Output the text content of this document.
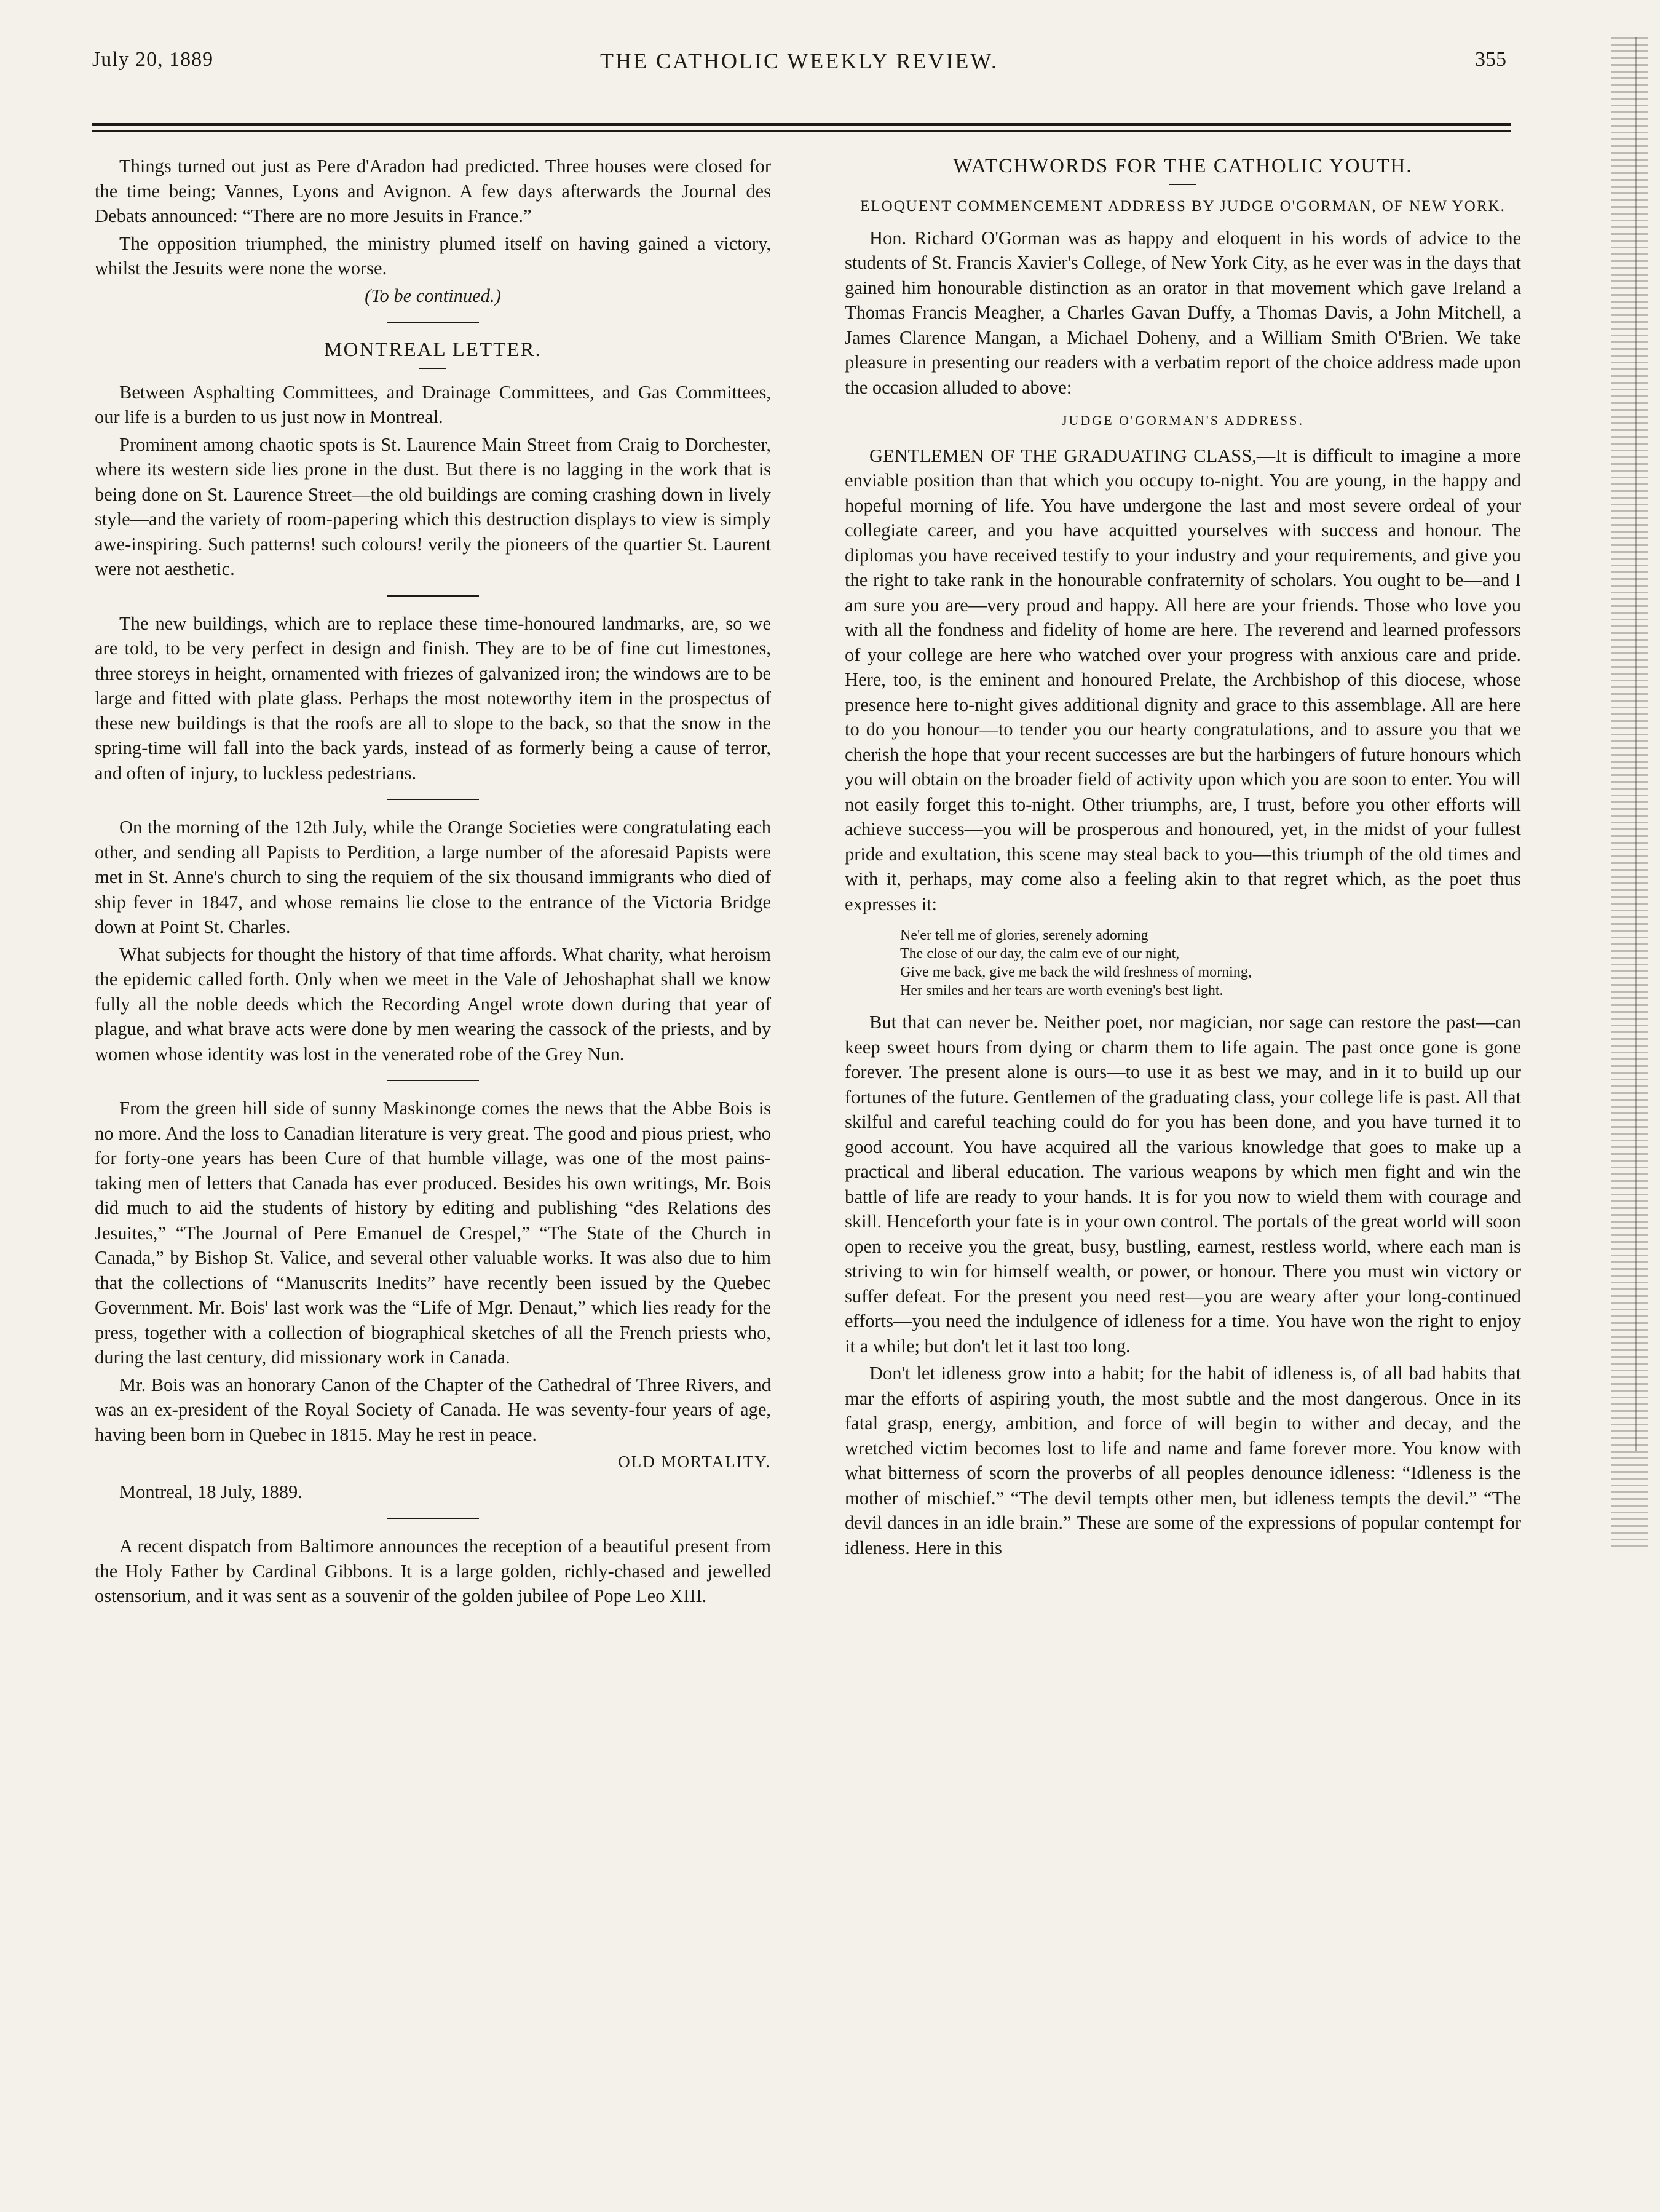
July 20, 1889	THE CATHOLIC WEEKLY REVIEW.	355

Things turned out just as Pere d'Aradon had predicted. Three houses were closed for the time being; Vannes, Lyons and Avignon. A few days afterwards the Journal des Debats announced: “There are no more Jesuits in France.”

The opposition triumphed, the ministry plumed itself on having gained a victory, whilst the Jesuits were none the worse.

(To be continued.)

MONTREAL LETTER.

Between Asphalting Committees, and Drainage Committees, and Gas Committees, our life is a burden to us just now in Montreal.

Prominent among chaotic spots is St. Laurence Main Street from Craig to Dorchester, where its western side lies prone in the dust. But there is no lagging in the work that is being done on St. Laurence Street—the old buildings are coming crashing down in lively style—and the variety of room-papering which this destruction displays to view is simply awe-inspiring. Such patterns! such colours! verily the pioneers of the quartier St. Laurent were not aesthetic.

The new buildings, which are to replace these time-honoured landmarks, are, so we are told, to be very perfect in design and finish. They are to be of fine cut limestones, three storeys in height, ornamented with friezes of galvanized iron; the windows are to be large and fitted with plate glass. Perhaps the most noteworthy item in the prospectus of these new buildings is that the roofs are all to slope to the back, so that the snow in the spring-time will fall into the back yards, instead of as formerly being a cause of terror, and often of injury, to luckless pedestrians.

On the morning of the 12th July, while the Orange Societies were congratulating each other, and sending all Papists to Perdition, a large number of the aforesaid Papists were met in St. Anne's church to sing the requiem of the six thousand immigrants who died of ship fever in 1847, and whose remains lie close to the entrance of the Victoria Bridge down at Point St. Charles.

What subjects for thought the history of that time affords. What charity, what heroism the epidemic called forth. Only when we meet in the Vale of Jehoshaphat shall we know fully all the noble deeds which the Recording Angel wrote down during that year of plague, and what brave acts were done by men wearing the cassock of the priests, and by women whose identity was lost in the venerated robe of the Grey Nun.

From the green hill side of sunny Maskinonge comes the news that the Abbe Bois is no more. And the loss to Canadian literature is very great. The good and pious priest, who for forty-one years has been Cure of that humble village, was one of the most pains-taking men of letters that Canada has ever produced. Besides his own writings, Mr. Bois did much to aid the students of history by editing and publishing “des Relations des Jesuites,” “The Journal of Pere Emanuel de Crespel,” “The State of the Church in Canada,” by Bishop St. Valice, and several other valuable works. It was also due to him that the collections of “Manuscrits Inedits” have recently been issued by the Quebec Government. Mr. Bois' last work was the “Life of Mgr. Denaut,” which lies ready for the press, together with a collection of biographical sketches of all the French priests who, during the last century, did missionary work in Canada.

Mr. Bois was an honorary Canon of the Chapter of the Cathedral of Three Rivers, and was an ex-president of the Royal Society of Canada. He was seventy-four years of age, having been born in Quebec in 1815. May he rest in peace.

OLD MORTALITY.

Montreal, 18 July, 1889.

A recent dispatch from Baltimore announces the reception of a beautiful present from the Holy Father by Cardinal Gibbons. It is a large golden, richly-chased and jewelled ostensorium, and it was sent as a souvenir of the golden jubilee of Pope Leo XIII.

WATCHWORDS FOR THE CATHOLIC YOUTH.
ELOQUENT COMMENCEMENT ADDRESS BY JUDGE O'GORMAN, OF NEW YORK.

Hon. Richard O'Gorman was as happy and eloquent in his words of advice to the students of St. Francis Xavier's College, of New York City, as he ever was in the days that gained him honourable distinction as an orator in that movement which gave Ireland a Thomas Francis Meagher, a Charles Gavan Duffy, a Thomas Davis, a John Mitchell, a James Clarence Mangan, a Michael Doheny, and a William Smith O'Brien. We take pleasure in presenting our readers with a verbatim report of the choice address made upon the occasion alluded to above:

JUDGE O'GORMAN'S ADDRESS.

GENTLEMEN OF THE GRADUATING CLASS,—It is difficult to imagine a more enviable position than that which you occupy to-night. You are young, in the happy and hopeful morning of life. You have undergone the last and most severe ordeal of your collegiate career, and you have acquitted yourselves with success and honour. The diplomas you have received testify to your industry and your requirements, and give you the right to take rank in the honourable confraternity of scholars. You ought to be—and I am sure you are—very proud and happy. All here are your friends. Those who love you with all the fondness and fidelity of home are here. The reverend and learned professors of your college are here who watched over your progress with anxious care and pride. Here, too, is the eminent and honoured Prelate, the Archbishop of this diocese, whose presence here to-night gives additional dignity and grace to this assemblage. All are here to do you honour—to tender you our hearty congratulations, and to assure you that we cherish the hope that your recent successes are but the harbingers of future honours which you will obtain on the broader field of activity upon which you are soon to enter. You will not easily forget this to-night. Other triumphs, are, I trust, before you other efforts will achieve success—you will be prosperous and honoured, yet, in the midst of your fullest pride and exultation, this scene may steal back to you—this triumph of the old times and with it, perhaps, may come also a feeling akin to that regret which, as the poet thus expresses it:

Ne'er tell me of glories, serenely adorning
The close of our day, the calm eve of our night,
Give me back, give me back the wild freshness of morning,
Her smiles and her tears are worth evening's best light.

But that can never be. Neither poet, nor magician, nor sage can restore the past—can keep sweet hours from dying or charm them to life again. The past once gone is gone forever. The present alone is ours—to use it as best we may, and in it to build up our fortunes of the future. Gentlemen of the graduating class, your college life is past. All that skilful and careful teaching could do for you has been done, and you have turned it to good account. You have acquired all the various knowledge that goes to make up a practical and liberal education. The various weapons by which men fight and win the battle of life are ready to your hands. It is for you now to wield them with courage and skill. Henceforth your fate is in your own control. The portals of the great world will soon open to receive you the great, busy, bustling, earnest, restless world, where each man is striving to win for himself wealth, or power, or honour. There you must win victory or suffer defeat. For the present you need rest—you are weary after your long-continued efforts—you need the indulgence of idleness for a time. You have won the right to enjoy it a while; but don't let it last too long.

Don't let idleness grow into a habit; for the habit of idleness is, of all bad habits that mar the efforts of aspiring youth, the most subtle and the most dangerous. Once in its fatal grasp, energy, ambition, and force of will begin to wither and decay, and the wretched victim becomes lost to life and name and fame forever more. You know with what bitterness of scorn the proverbs of all peoples denounce idleness: “Idleness is the mother of mischief.” “The devil tempts other men, but idleness tempts the devil.” “The devil dances in an idle brain.” These are some of the expressions of popular contempt for idleness. Here in this
